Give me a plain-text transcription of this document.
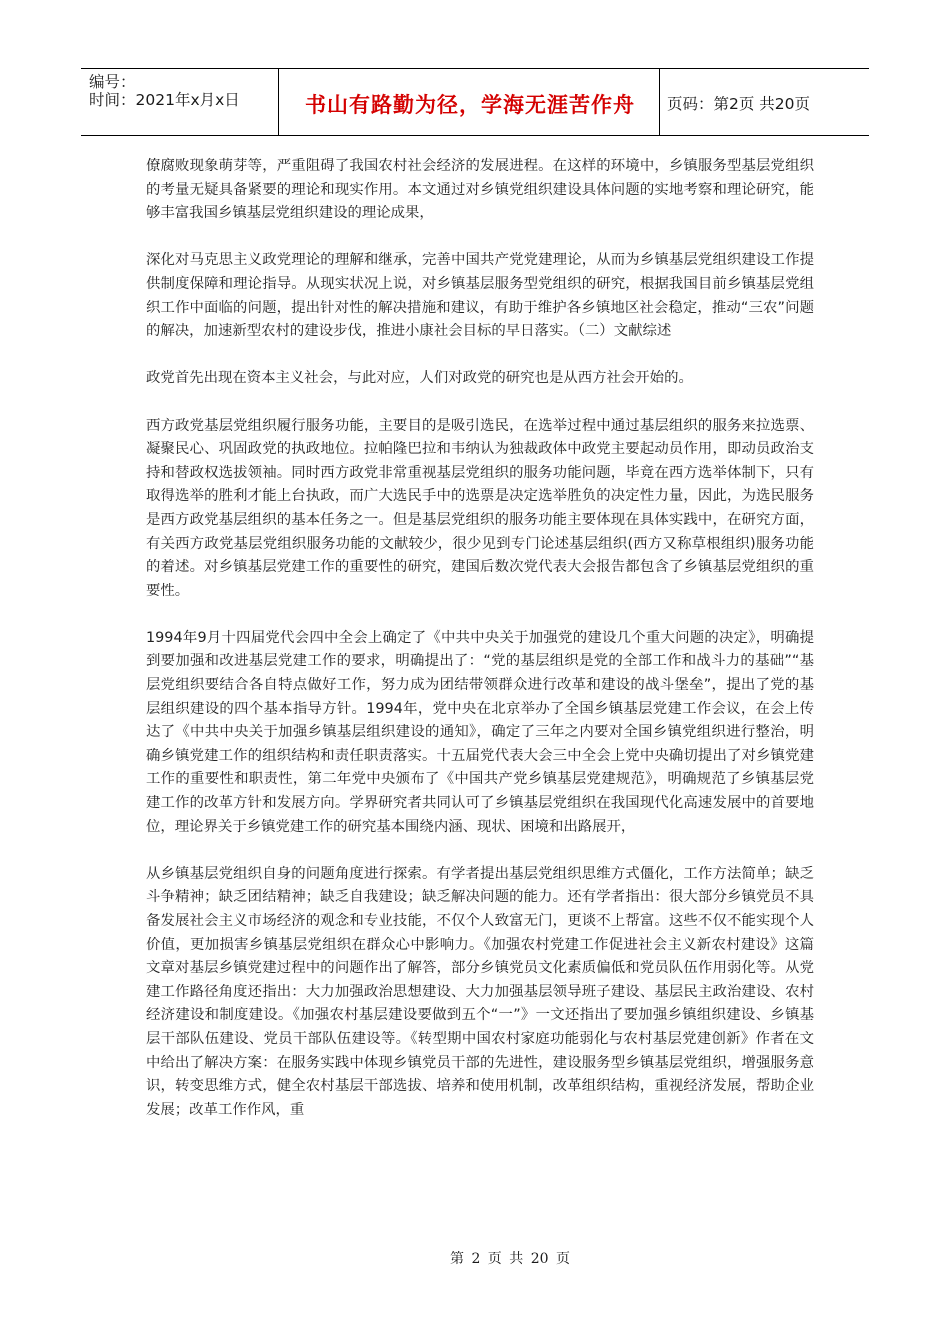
编号：
时间：2021年x月x日	书山有路勤为径，学海无涯苦作舟	页码：第2页 共20页

僚腐败现象萌芽等，严重阻碍了我国农村社会经济的发展进程。在这样的环境中，乡镇服务型基层党组织的考量无疑具备紧要的理论和现实作用。本文通过对乡镇党组织建设具体问题的实地考察和理论研究，能够丰富我国乡镇基层党组织建设的理论成果，

深化对马克思主义政党理论的理解和继承，完善中国共产党党建理论，从而为乡镇基层党组织建设工作提供制度保障和理论指导。从现实状况上说，对乡镇基层服务型党组织的研究，根据我国目前乡镇基层党组织工作中面临的问题，提出针对性的解决措施和建议，有助于维护各乡镇地区社会稳定，推动“三农”问题的解决，加速新型农村的建设步伐，推进小康社会目标的早日落实。（二）文献综述

政党首先出现在资本主义社会，与此对应，人们对政党的研究也是从西方社会开始的。

西方政党基层党组织履行服务功能，主要目的是吸引选民，在选举过程中通过基层组织的服务来拉选票、凝聚民心、巩固政党的执政地位。拉帕隆巴拉和韦纳认为独裁政体中政党主要起动员作用，即动员政治支持和替政权选拔领袖。同时西方政党非常重视基层党组织的服务功能问题，毕竟在西方选举体制下，只有取得选举的胜利才能上台执政，而广大选民手中的选票是决定选举胜负的决定性力量，因此，为选民服务是西方政党基层组织的基本任务之一。但是基层党组织的服务功能主要体现在具体实践中，在研究方面，有关西方政党基层党组织服务功能的文献较少，很少见到专门论述基层组织(西方又称草根组织)服务功能的着述。对乡镇基层党建工作的重要性的研究，建国后数次党代表大会报告都包含了乡镇基层党组织的重要性。

1994年9月十四届党代会四中全会上确定了《中共中央关于加强党的建设几个重大问题的决定》，明确提到要加强和改进基层党建工作的要求，明确提出了：“党的基层组织是党的全部工作和战斗力的基础”“基层党组织要结合各自特点做好工作，努力成为团结带领群众进行改革和建设的战斗堡垒”，提出了党的基层组织建设的四个基本指导方针。1994年，党中央在北京举办了全国乡镇基层党建工作会议，在会上传达了《中共中央关于加强乡镇基层组织建设的通知》，确定了三年之内要对全国乡镇党组织进行整治，明确乡镇党建工作的组织结构和责任职责落实。十五届党代表大会三中全会上党中央确切提出了对乡镇党建工作的重要性和职责性，第二年党中央颁布了《中国共产党乡镇基层党建规范》，明确规范了乡镇基层党建工作的改革方针和发展方向。学界研究者共同认可了乡镇基层党组织在我国现代化高速发展中的首要地位，理论界关于乡镇党建工作的研究基本围绕内涵、现状、困境和出路展开，

从乡镇基层党组织自身的问题角度进行探索。有学者提出基层党组织思维方式僵化，工作方法简单；缺乏斗争精神；缺乏团结精神；缺乏自我建设；缺乏解决问题的能力。还有学者指出：很大部分乡镇党员不具备发展社会主义市场经济的观念和专业技能，不仅个人致富无门，更谈不上帮富。这些不仅不能实现个人价值，更加损害乡镇基层党组织在群众心中影响力。《加强农村党建工作促进社会主义新农村建设》这篇文章对基层乡镇党建过程中的问题作出了解答，部分乡镇党员文化素质偏低和党员队伍作用弱化等。从党建工作路径角度还指出：大力加强政治思想建设、大力加强基层领导班子建设、基层民主政治建设、农村经济建设和制度建设。《加强农村基层建设要做到五个“一”》一文还指出了要加强乡镇组织建设、乡镇基层干部队伍建设、党员干部队伍建设等。《转型期中国农村家庭功能弱化与农村基层党建创新》作者在文中给出了解决方案：在服务实践中体现乡镇党员干部的先进性，建设服务型乡镇基层党组织，增强服务意识，转变思维方式，健全农村基层干部选拔、培养和使用机制，改革组织结构，重视经济发展，帮助企业发展；改革工作作风，重

第 2 页 共 20 页
